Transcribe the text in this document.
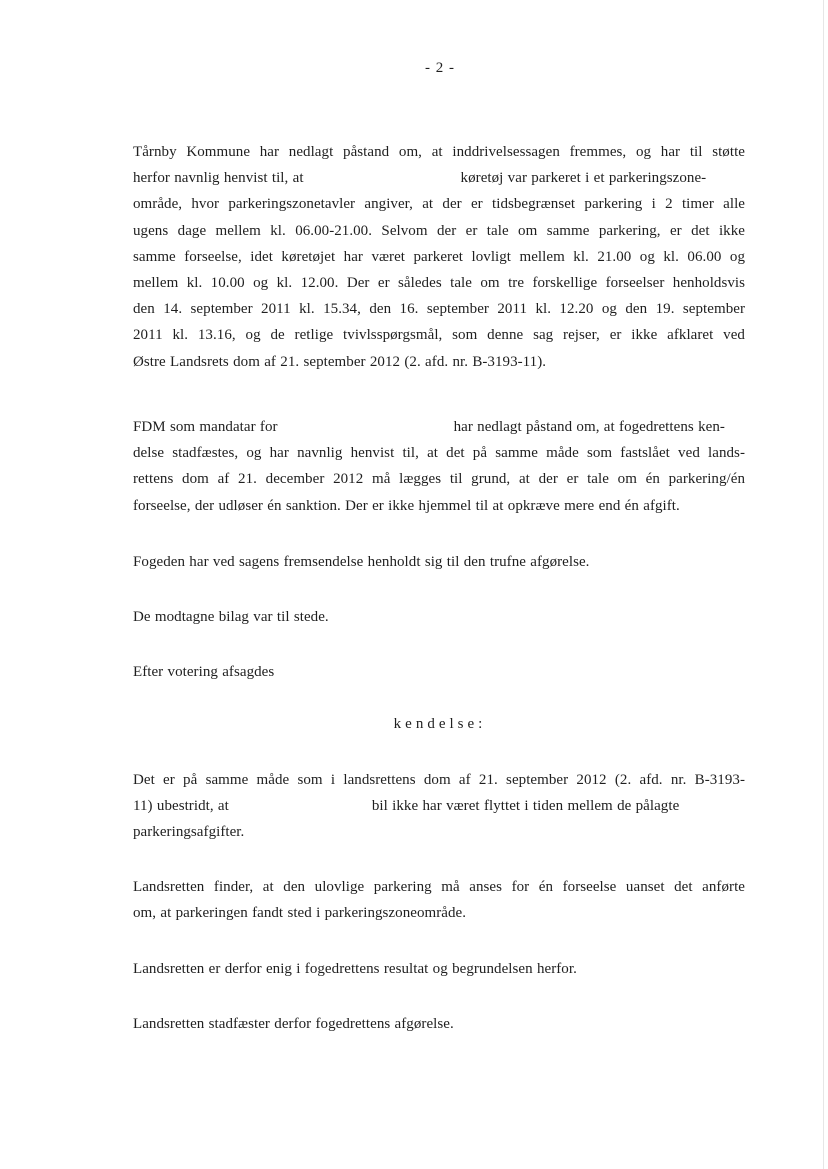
- 2 -
Tårnby Kommune har nedlagt påstand om, at inddrivelsessagen fremmes, og har til støtte
herfor navnlig henvist til, at	køretøj var parkeret i et parkeringszone-
område, hvor parkeringszonetavler angiver, at der er tidsbegrænset parkering i 2 timer alle
ugens dage mellem kl. 06.00-21.00. Selvom der er tale om samme parkering, er det ikke
samme forseelse, idet køretøjet har været parkeret lovligt mellem kl. 21.00 og kl. 06.00 og
mellem kl. 10.00 og kl. 12.00. Der er således tale om tre forskellige forseelser henholdsvis
den 14. september 2011 kl. 15.34, den 16. september 2011 kl. 12.20 og den 19. september
2011 kl. 13.16, og de retlige tvivlsspørgsmål, som denne sag rejser, er ikke afklaret ved
Østre Landsrets dom af 21. september 2012 (2. afd. nr. B-3193-11).
FDM som mandatar for	har nedlagt påstand om, at fogedrettens ken-
delse stadfæstes, og har navnlig henvist til, at det på samme måde som fastslået ved lands-
rettens dom af 21. december 2012 må lægges til grund, at der er tale om én parkering/én
forseelse, der udløser én sanktion. Der er ikke hjemmel til at opkræve mere end én afgift.
Fogeden har ved sagens fremsendelse henholdt sig til den trufne afgørelse.
De modtagne bilag var til stede.
Efter votering afsagdes
kendelse:
Det er på samme måde som i landsrettens dom af 21. september 2012 (2. afd. nr. B-3193-
11) ubestridt, at	bil ikke har været flyttet i tiden mellem de pålagte
parkeringsafgifter.
Landsretten finder, at den ulovlige parkering må anses for én forseelse uanset det anførte
om, at parkeringen fandt sted i parkeringszoneområde.
Landsretten er derfor enig i fogedrettens resultat og begrundelsen herfor.
Landsretten stadfæster derfor fogedrettens afgørelse.
